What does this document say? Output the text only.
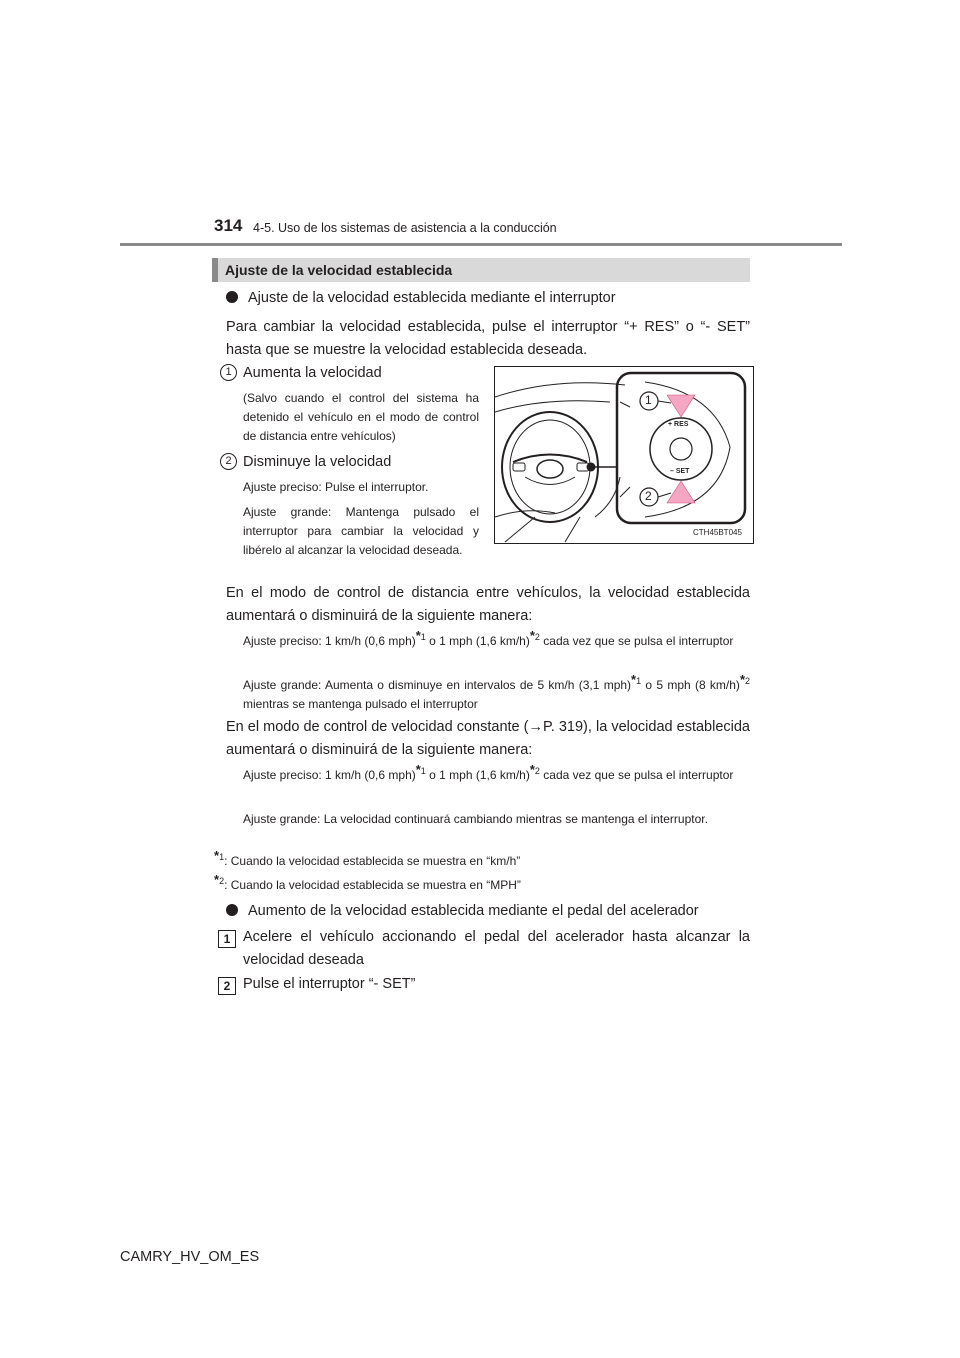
314 4-5. Uso de los sistemas de asistencia a la conducción
Ajuste de la velocidad establecida
Ajuste de la velocidad establecida mediante el interruptor
Para cambiar la velocidad establecida, pulse el interruptor “+ RES” o “- SET” hasta que se muestre la velocidad establecida deseada.
1 Aumenta la velocidad
(Salvo cuando el control del sistema ha detenido el vehículo en el modo de control de distancia entre vehículos)
2 Disminuye la velocidad
Ajuste preciso: Pulse el interruptor.
Ajuste grande: Mantenga pulsado el interruptor para cambiar la velocidad y libérelo al alcanzar la velocidad deseada.
1
2
+ RES
– SET
CTH45BT045
En el modo de control de distancia entre vehículos, la velocidad establecida aumentará o disminuirá de la siguiente manera:
Ajuste preciso: 1 km/h (0,6 mph)$^{*1}$ o 1 mph (1,6 km/h)$^{*2}$ cada vez que se pulsa el interruptor
Ajuste grande: Aumenta o disminuye en intervalos de 5 km/h (3,1 mph)$^{*1}$ o 5 mph (8 km/h)$^{*2}$ mientras se mantenga pulsado el interruptor
En el modo de control de velocidad constante (→P. 319), la velocidad establecida aumentará o disminuirá de la siguiente manera:
Ajuste preciso: 1 km/h (0,6 mph)$^{*1}$ o 1 mph (1,6 km/h)$^{*2}$ cada vez que se pulsa el interruptor
Ajuste grande: La velocidad continuará cambiando mientras se mantenga el interruptor.
$^{*1}$: Cuando la velocidad establecida se muestra en “km/h”
$^{*2}$: Cuando la velocidad establecida se muestra en “MPH”
Aumento de la velocidad establecida mediante el pedal del acelerador
1 Acelere el vehículo accionando el pedal del acelerador hasta alcanzar la velocidad deseada
2 Pulse el interruptor “- SET”
CAMRY_HV_OM_ES
